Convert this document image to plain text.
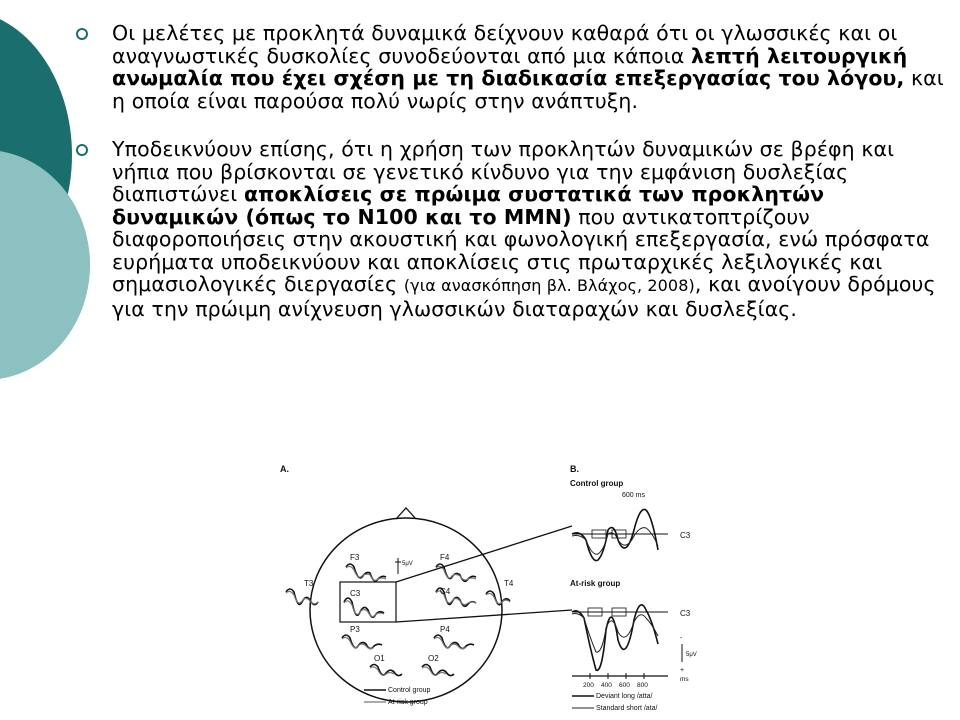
Οι μελέτες με προκλητά δυναμικά δείχνουν καθαρά ότι οι γλωσσικές και οι αναγνωστικές δυσκολίες συνοδεύονται από μια κάποια λεπτή λειτουργική ανωμαλία που έχει σχέση με τη διαδικασία επεξεργασίας του λόγου, και η οποία είναι παρούσα πολύ νωρίς στην ανάπτυξη.
Υποδεικνύουν επίσης, ότι η χρήση των προκλητών δυναμικών σε βρέφη και νήπια που βρίσκονται σε γενετικό κίνδυνο για την εμφάνιση δυσλεξίας διαπιστώνει αποκλίσεις σε πρώιμα συστατικά των προκλητών δυναμικών (όπως το Ν100 και το ΜΜΝ) που αντικατοπτρίζουν διαφοροποιήσεις στην ακουστική και φωνολογική επεξεργασία, ενώ πρόσφατα ευρήματα υποδεικνύουν και αποκλίσεις στις πρωταρχικές λεξιλογικές και σημασιολογικές διεργασίες (για ανασκόπηση βλ. Βλάχος, 2008), και ανοίγουν δρόμους για την πρώιμη ανίχνευση γλωσσικών διαταραχών και δυσλεξίας.
A.
5μV
F3	F4
T3
C3	C4
T4
P3	P4
O1	O2
Control group
At-risk group
B.
Control group
600 ms
C3
At-risk group
C3
-
5μV
+
200 400 600 800
ms
Deviant long /atta/
Standard short /ata/
